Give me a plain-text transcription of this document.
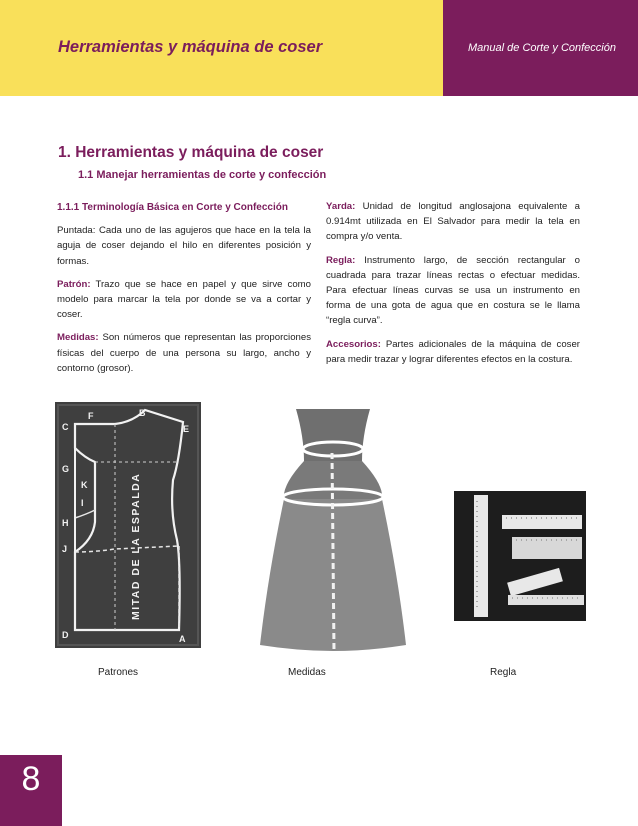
Herramientas y máquina de coser	Manual de Corte y Confección
1. Herramientas y máquina de coser
1.1 Manejar herramientas de corte y confección

1.1.1 Terminología Básica en Corte y Confección

Puntada: Cada uno de las agujeros que hace en la tela la aguja de coser dejando el hilo en diferentes posición y formas.

Patrón: Trazo que se hace en papel y que sirve como modelo para marcar la tela por donde se va a cortar y coser.

Medidas: Son números que representan las proporciones físicas del cuerpo de una persona su largo, ancho y contorno (grosor).

Yarda: Unidad de longitud anglosajona equivalente a 0.914mt utilizada en El Salvador para medir la tela en compra y/o venta.

Regla: Instrumento largo, de sección rectangular o cuadrada para trazar líneas rectas o efectuar medidas. Para efectuar líneas curvas se usa un instrumento en forma de una gota de agua que en costura se le llama “regla curva”.

Accesorios: Partes adicionales de la máquina de coser para medir trazar y lograr diferentes efectos en la costura.

C
F	B
E
G
K
I
H
J
D	A
MITAD DE LA ESPALDA
Patrones	Medidas	Regla
8
